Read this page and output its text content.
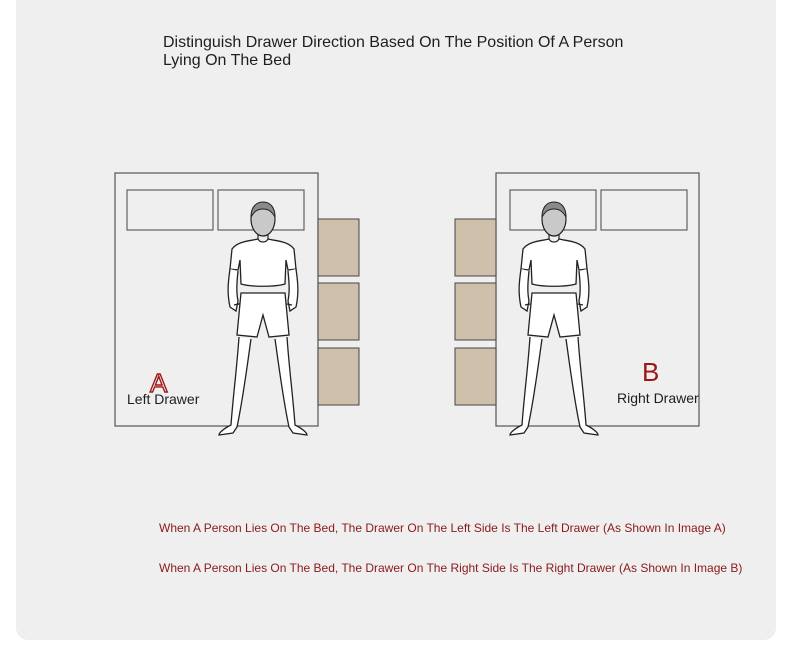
Distinguish Drawer Direction Based On The Position Of A Person Lying On The Bed
A
Left Drawer
B
Right Drawer
When A Person Lies On The Bed, The Drawer On The Left Side Is The Left Drawer (As Shown In Image A)
When A Person Lies On The Bed, The Drawer On The Right Side Is The Right Drawer (As Shown In Image B)
